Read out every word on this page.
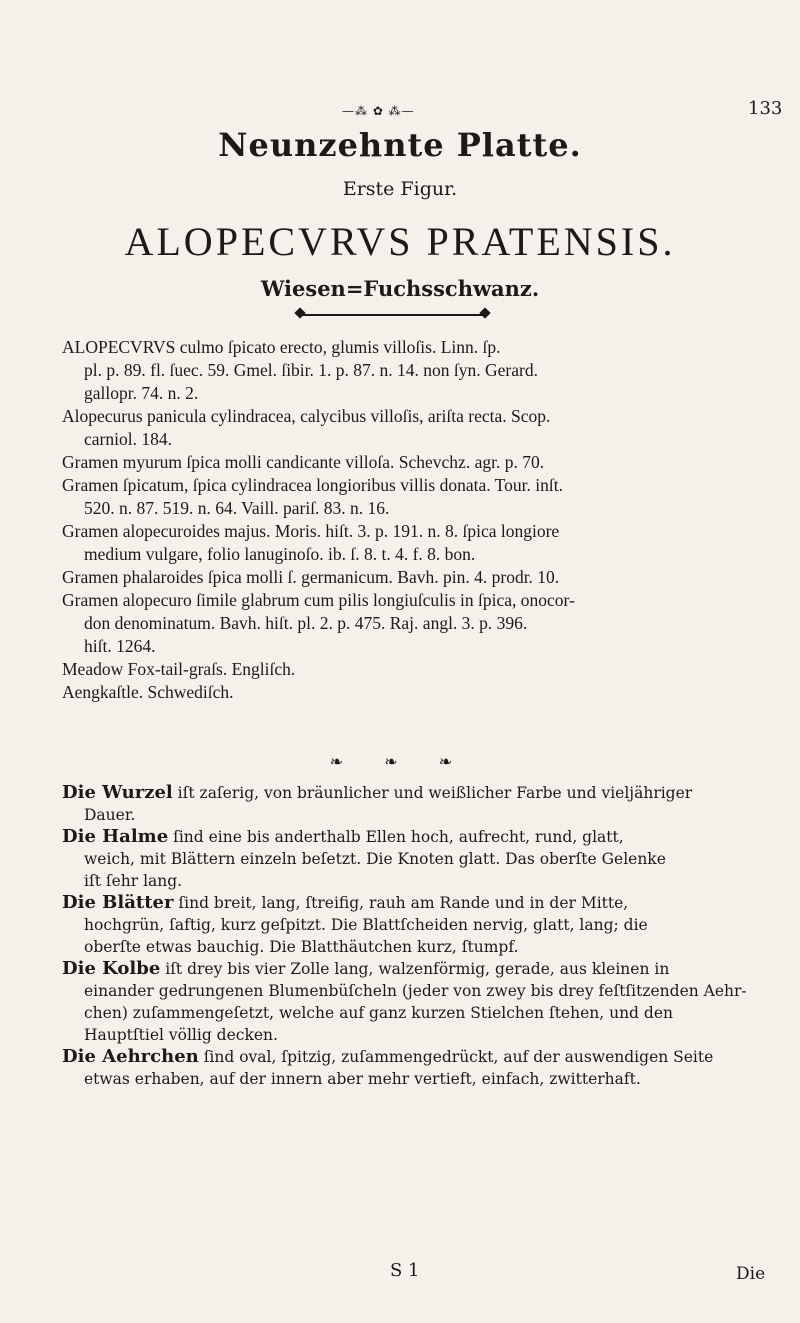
—⁂ ✿ ⁂—	133
Neunzehnte Platte.
Erste Figur.
ALOPECVRVS PRATENSIS.
Wiesen=Fuchsschwanz.
ALOPECVRVS culmo ſpicato erecto, glumis villoſis. Linn. ſp.
pl. p. 89. fl. ſuec. 59. Gmel. ſibir. 1. p. 87. n. 14. non ſyn. Gerard.
gallopr. 74. n. 2.
Alopecurus panicula cylindracea, calycibus villoſis, ariſta recta. Scop.
carniol. 184.
Gramen myurum ſpica molli candicante villoſa. Schevchz. agr. p. 70.
Gramen ſpicatum, ſpica cylindracea longioribus villis donata. Tour. inſt.
520. n. 87. 519. n. 64. Vaill. pariſ. 83. n. 16.
Gramen alopecuroides majus. Moris. hiſt. 3. p. 191. n. 8. ſpica longiore
medium vulgare, folio lanuginoſo. ib. ſ. 8. t. 4. f. 8. bon.
Gramen phalaroides ſpica molli ſ. germanicum. Bavh. pin. 4. prodr. 10.
Gramen alopecuro ſimile glabrum cum pilis longiuſculis in ſpica, onocor-
don denominatum. Bavh. hiſt. pl. 2. p. 475. Raj. angl. 3. p. 396.
hiſt. 1264.
Meadow Fox-tail-graſs. Engliſch.
Aengkaſtle. Schwediſch.
❧ ❧ ❧
Die Wurzel iſt zaſerig, von bräunlicher und weißlicher Farbe und vieljähriger
Dauer.
Die Halme ſind eine bis anderthalb Ellen hoch, aufrecht, rund, glatt,
weich, mit Blättern einzeln beſetzt. Die Knoten glatt. Das oberſte Gelenke
iſt ſehr lang.
Die Blätter ſind breit, lang, ſtreifig, rauh am Rande und in der Mitte,
hochgrün, ſaftig, kurz geſpitzt. Die Blattſcheiden nervig, glatt, lang; die
oberſte etwas bauchig. Die Blatthäutchen kurz, ſtumpf.
Die Kolbe iſt drey bis vier Zolle lang, walzenförmig, gerade, aus kleinen in
einander gedrungenen Blumenbüſcheln (jeder von zwey bis drey feſtſitzenden Aehr-
chen) zuſammengeſetzt, welche auf ganz kurzen Stielchen ſtehen, und den
Hauptſtiel völlig decken.
Die Aehrchen ſind oval, ſpitzig, zuſammengedrückt, auf der auswendigen Seite
etwas erhaben, auf der innern aber mehr vertieft, einfach, zwitterhaft.
S 1	Die
